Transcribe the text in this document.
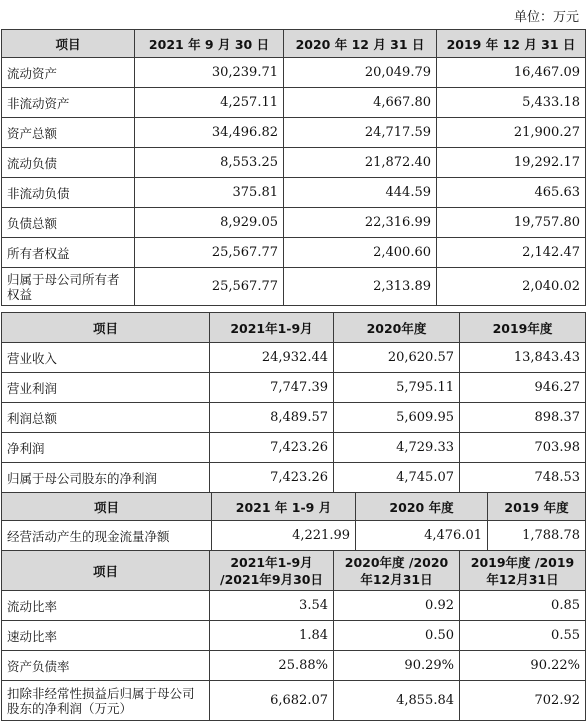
单位：万元
项目	2021 年 9 月 30 日	2020 年 12 月 31 日	2019 年 12 月 31 日
流动资产	30,239.71	20,049.79	16,467.09
非流动资产	4,257.11	4,667.80	5,433.18
资产总额	34,496.82	24,717.59	21,900.27
流动负债	8,553.25	21,872.40	19,292.17
非流动负债	375.81	444.59	465.63
负债总额	8,929.05	22,316.99	19,757.80
所有者权益	25,567.77	2,400.60	2,142.47
归属于母公司所有者权益	25,567.77	2,313.89	2,040.02
项目	2021年1-9月	2020年度	2019年度
营业收入	24,932.44	20,620.57	13,843.43
营业利润	7,747.39	5,795.11	946.27
利润总额	8,489.57	5,609.95	898.37
净利润	7,423.26	4,729.33	703.98
归属于母公司股东的净利润	7,423.26	4,745.07	748.53
项目	2021 年 1-9 月	2020 年度	2019 年度
经营活动产生的现金流量净额	4,221.99	4,476.01	1,788.78
项目	2021年1-9月 /2021年9月30日	2020年度 /2020年12月31日	2019年度 /2019年12月31日
流动比率	3.54	0.92	0.85
速动比率	1.84	0.50	0.55
资产负债率	25.88%	90.29%	90.22%
扣除非经常性损益后归属于母公司股东的净利润（万元）	6,682.07	4,855.84	702.92
